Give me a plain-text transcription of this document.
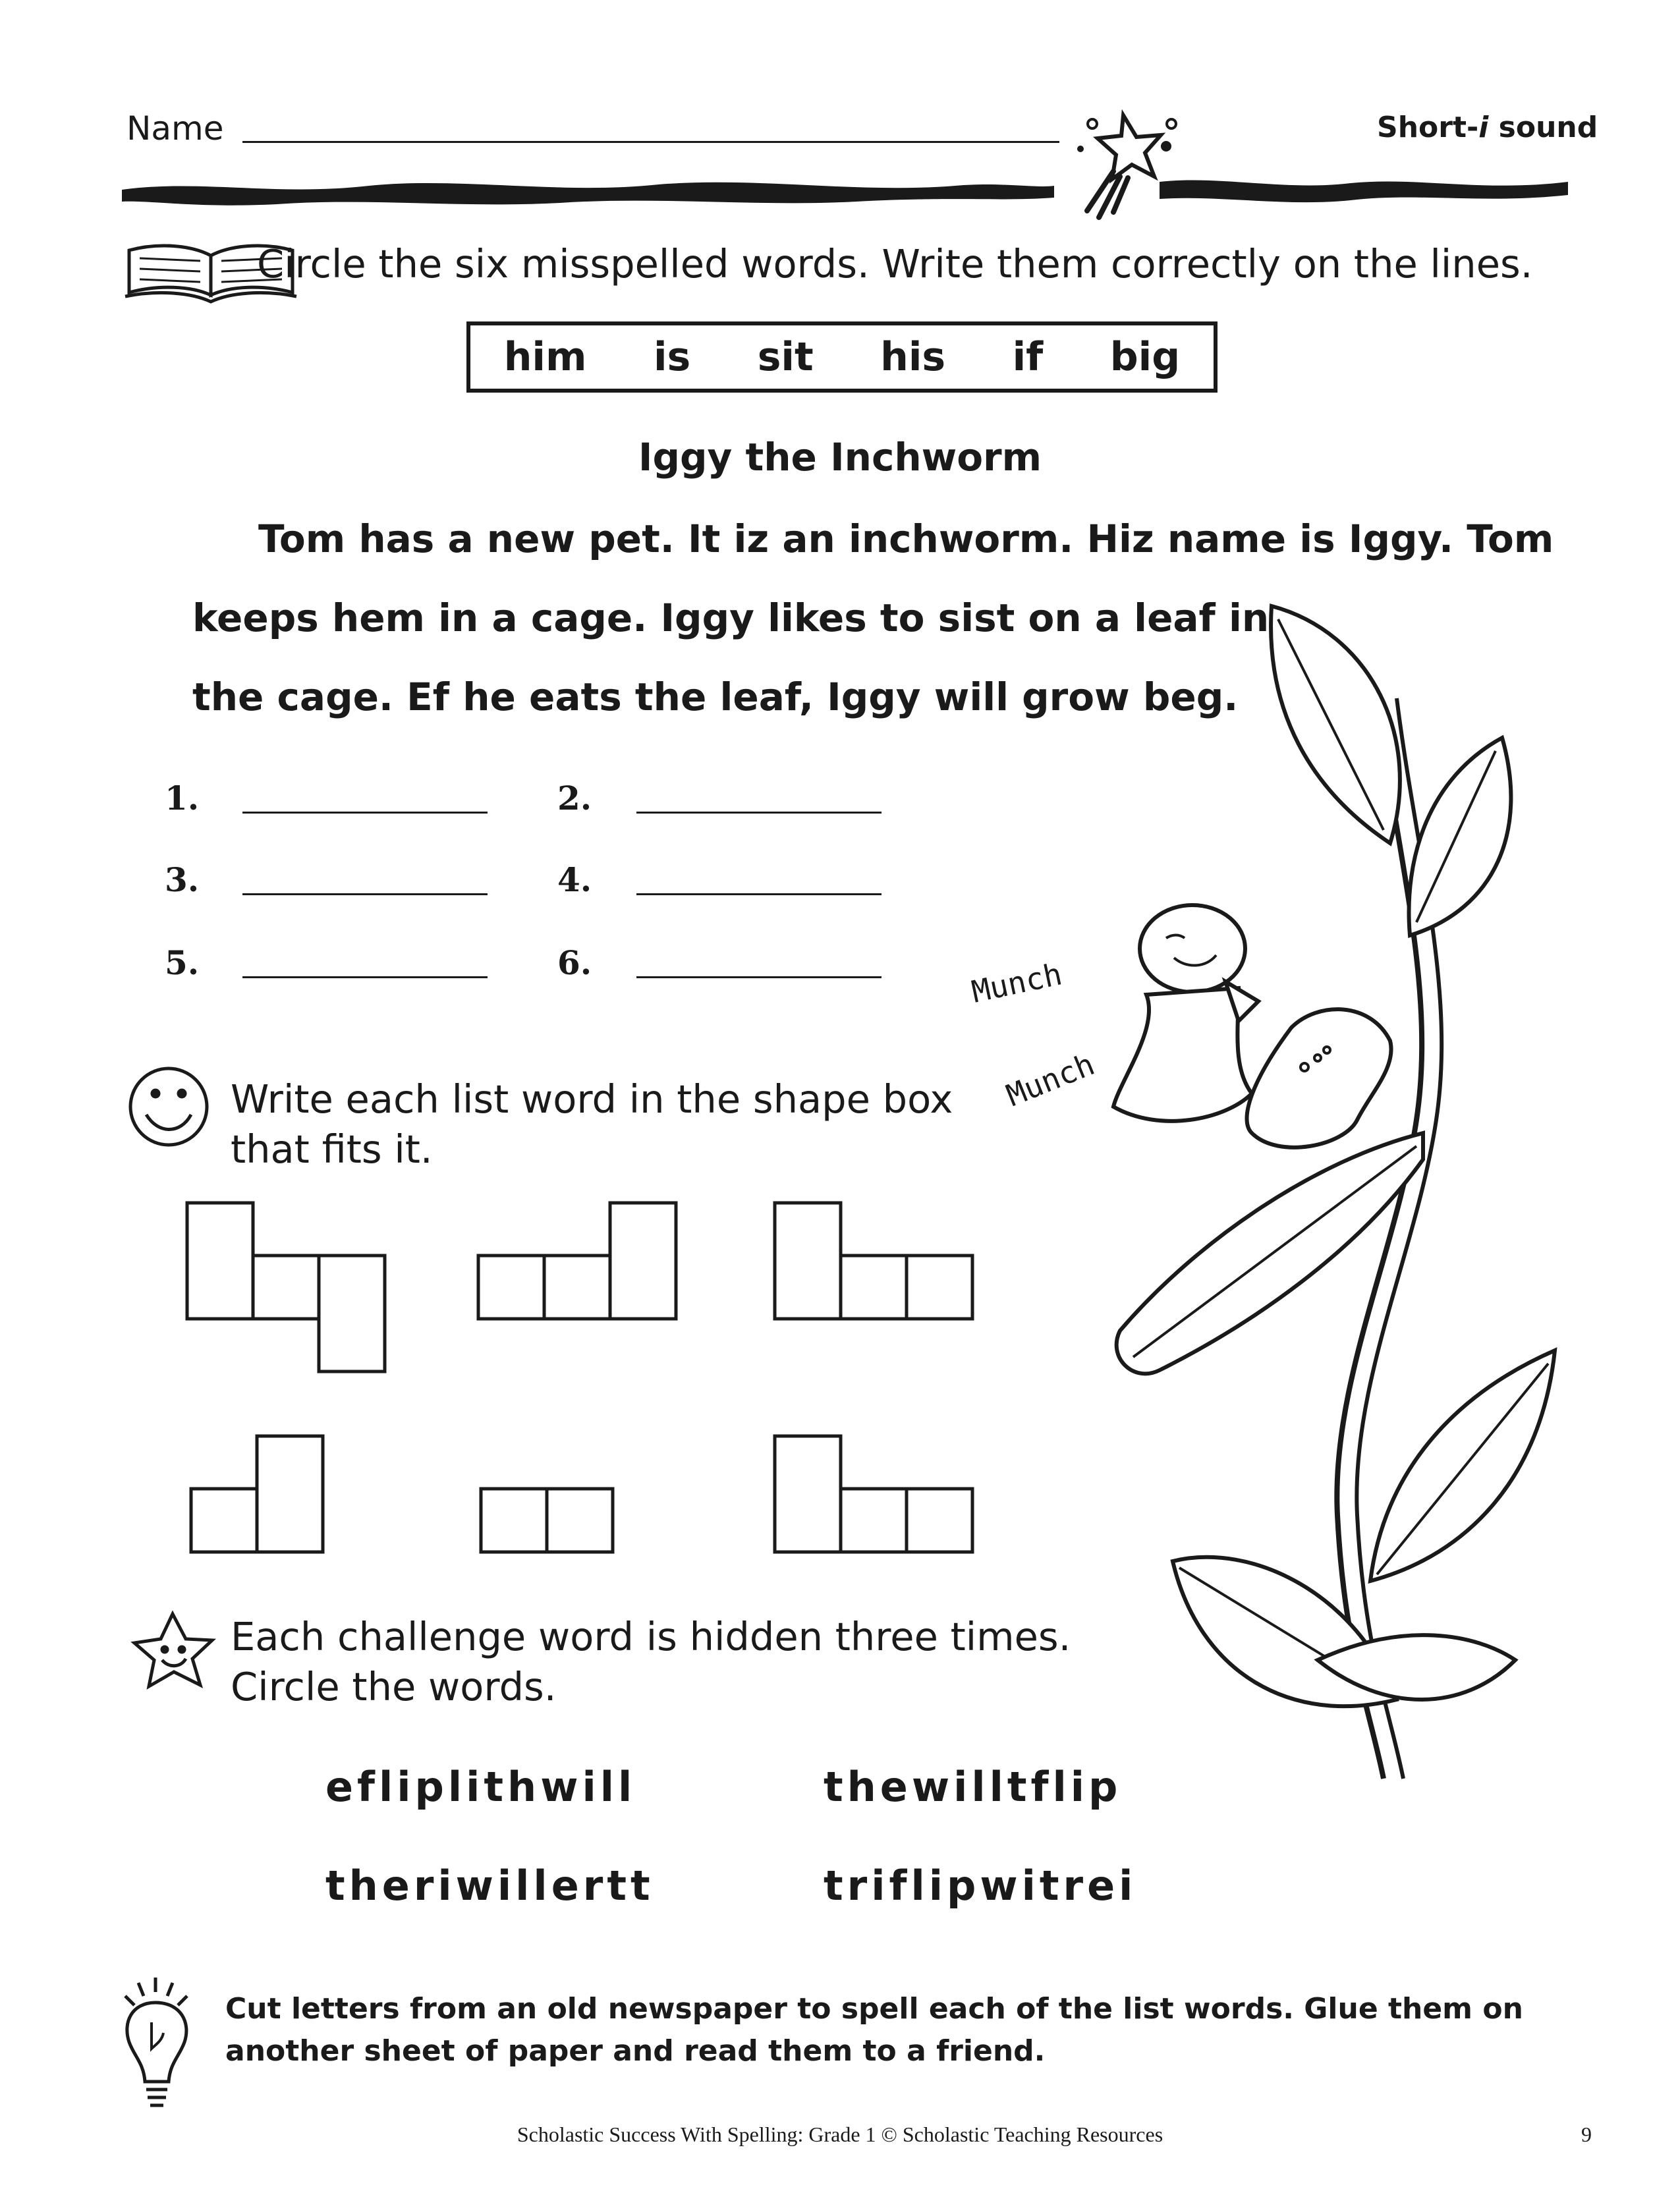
Name	Short-i sound
Circle the six misspelled words. Write them correctly on the lines.
him is sit his if big
Iggy the Inchworm
Tom has a new pet. It iz an inchworm. Hiz name is Iggy. Tom
keeps hem in a cage. Iggy likes to sist on a leaf in
the cage. Ef he eats the leaf, Iggy will grow beg.
1.	2.
3.	4.
5.	6.	Munch
Munch
Write each list word in the shape box
that fits it.
Each challenge word is hidden three times.
Circle the words.
efliplithwill	thewilltflip
theriwillertt	triflipwitrei
Cut letters from an old newspaper to spell each of the list words. Glue them on another sheet of paper and read them to a friend.
Scholastic Success With Spelling: Grade 1 © Scholastic Teaching Resources	9
